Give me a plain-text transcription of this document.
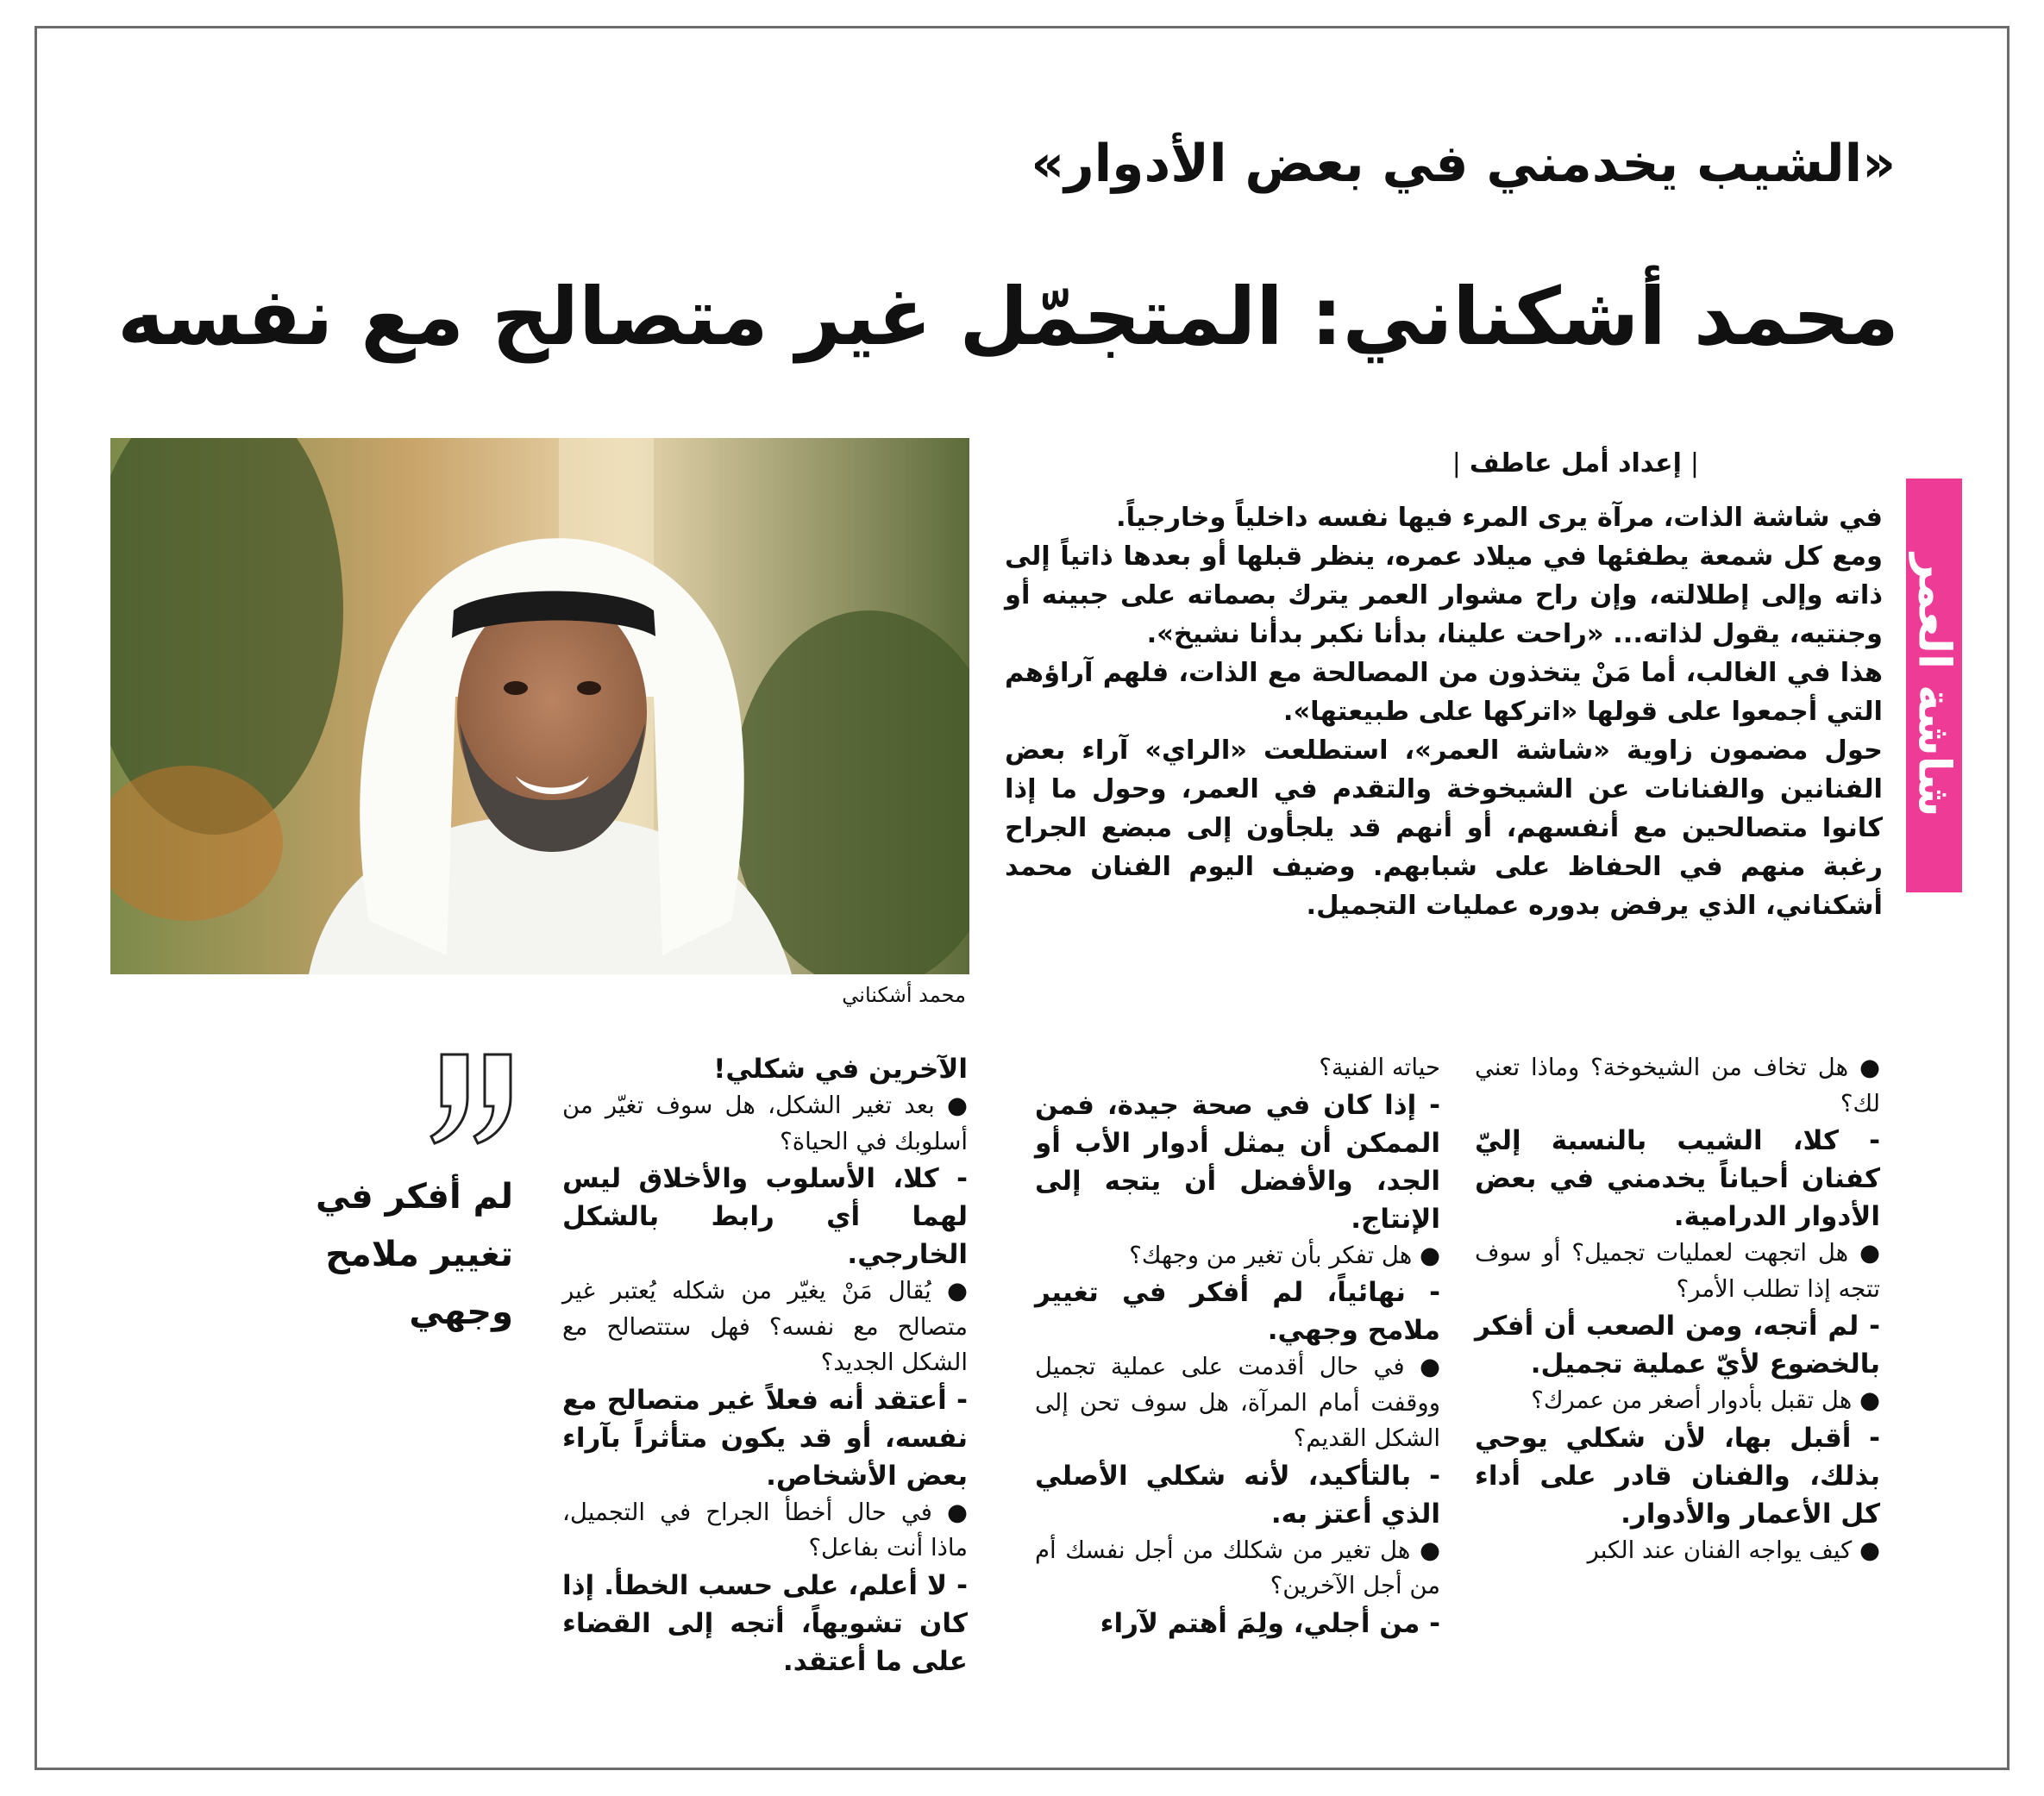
«الشيب يخدمني في بعض الأدوار»
محمد أشكناني: المتجمّل غير متصالح مع نفسه
شاشة العمر
|إعداد أمل عاطف|

في شاشة الذات، مرآة يرى المرء فيها نفسه داخلياً وخارجياً.

ومع كل شمعة يطفئها في ميلاد عمره، ينظر قبلها أو بعدها ذاتياً إلى ذاته وإلى إطلالته، وإن راح مشوار العمر يترك بصماته على جبينه أو وجنتيه، يقول لذاته... «راحت علينا، بدأنا نكبر بدأنا نشيخ».

هذا في الغالب، أما مَنْ يتخذون من المصالحة مع الذات، فلهم آراؤهم التي أجمعوا على قولها «اتركها على طبيعتها».

حول مضمون زاوية «شاشة العمر»، استطلعت «الراي» آراء بعض الفنانين والفنانات عن الشيخوخة والتقدم في العمر، وحول ما إذا كانوا متصالحين مع أنفسهم، أو أنهم قد يلجأون إلى مبضع الجراح رغبة منهم في الحفاظ على شبابهم. وضيف اليوم الفنان محمد أشكناني، الذي يرفض بدوره عمليات التجميل.

محمد أشكناني

● هل تخاف من الشيخوخة؟ وماذا تعني لك؟

- كلا، الشيب بالنسبة إليّ كفنان أحياناً يخدمني في بعض الأدوار الدرامية.

● هل اتجهت لعمليات تجميل؟ أو سوف تتجه إذا تطلب الأمر؟

- لم أتجه، ومن الصعب أن أفكر بالخضوع لأيّ عملية تجميل.

● هل تقبل بأدوار أصغر من عمرك؟

- أقبل بها، لأن شكلي يوحي بذلك، والفنان قادر على أداء كل الأعمار والأدوار.

● كيف يواجه الفنان عند الكبر

حياته الفنية؟

- إذا كان في صحة جيدة، فمن الممكن أن يمثل أدوار الأب أو الجد، والأفضل أن يتجه إلى الإنتاج.

● هل تفكر بأن تغير من وجهك؟

- نهائياً، لم أفكر في تغيير ملامح وجهي.

● في حال أقدمت على عملية تجميل ووقفت أمام المرآة، هل سوف تحن إلى الشكل القديم؟

- بالتأكيد، لأنه شكلي الأصلي الذي أعتز به.

● هل تغير من شكلك من أجل نفسك أم من أجل الآخرين؟

- من أجلي، ولِمَ أهتم لآراء

الآخرين في شكلي!

● بعد تغير الشكل، هل سوف تغيّر من أسلوبك في الحياة؟

- كلا، الأسلوب والأخلاق ليس لهما أي رابط بالشكل الخارجي.

● يُقال مَنْ يغيّر من شكله يُعتبر غير متصالح مع نفسه؟ فهل ستتصالح مع الشكل الجديد؟

- أعتقد أنه فعلاً غير متصالح مع نفسه، أو قد يكون متأثراً بآراء بعض الأشخاص.

● في حال أخطأ الجراح في التجميل، ماذا أنت بفاعل؟

- لا أعلم، على حسب الخطأ. إذا كان تشويهاً، أتجه إلى القضاء على ما أعتقد.

لم أفكر في تغيير ملامح وجهي
